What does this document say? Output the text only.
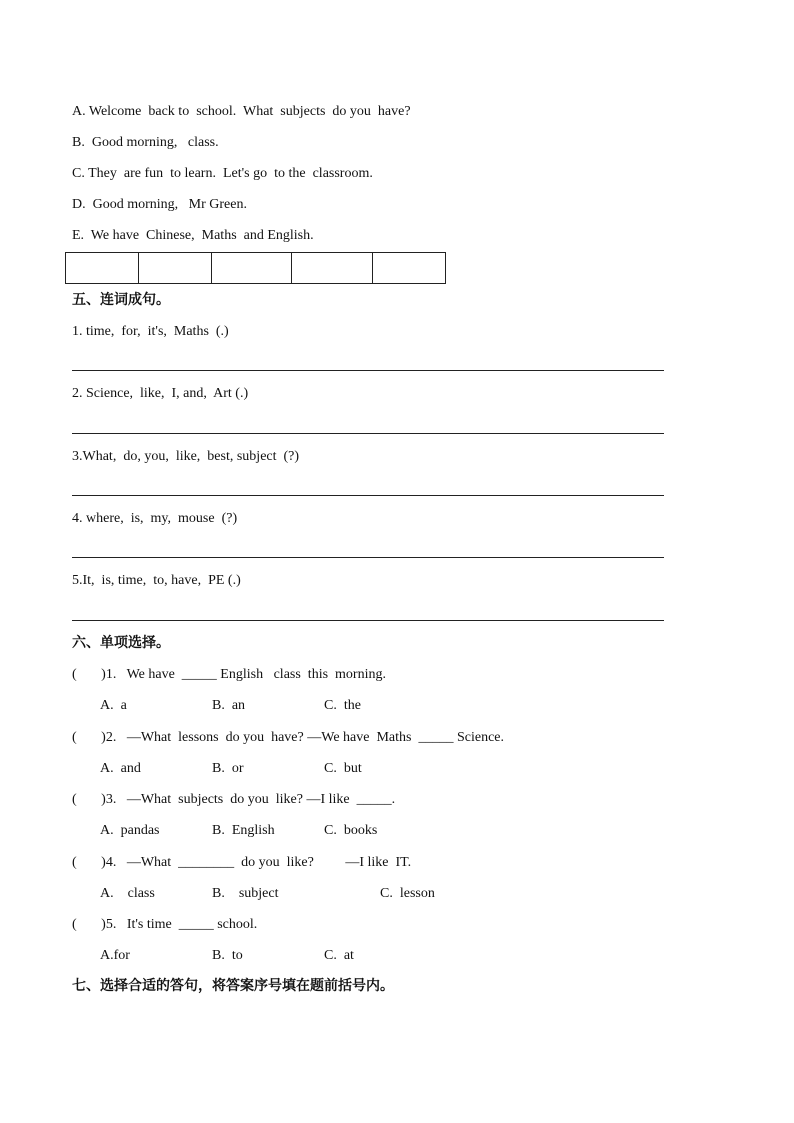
A. Welcome  back to  school.  What  subjects  do you  have?
B.  Good morning,   class.
C. They  are fun  to learn.  Let's go  to the  classroom.
D.  Good morning,   Mr Green.
E.  We have  Chinese,  Maths  and English.

五、连词成句。
1. time,  for,  it's,  Maths  (.)
2. Science,  like,  I, and,  Art (.)
3.What,  do, you,  like,  best, subject  (?)
4. where,  is,  my,  mouse  (?)
5.It,  is, time,  to, have,  PE (.)
六、单项选择。
(       )1.   We have  _____ English   class  this  morning.
A.  a	B.  an	C.  the
(       )2.   —What  lessons  do you  have? —We have  Maths  _____ Science.
A.  and	B.  or	C.  but
(       )3.   —What  subjects  do you  like? —I like  _____.
A.  pandas	B.  English	C.  books
(       )4.   —What  ________  do you  like?         —I like  IT.
A.    class	B.    subject	C.  lesson
(       )5.   It's time  _____ school.
A.for	B.  to	C.  at
七、选择合适的答句，将答案序号填在题前括号内。
